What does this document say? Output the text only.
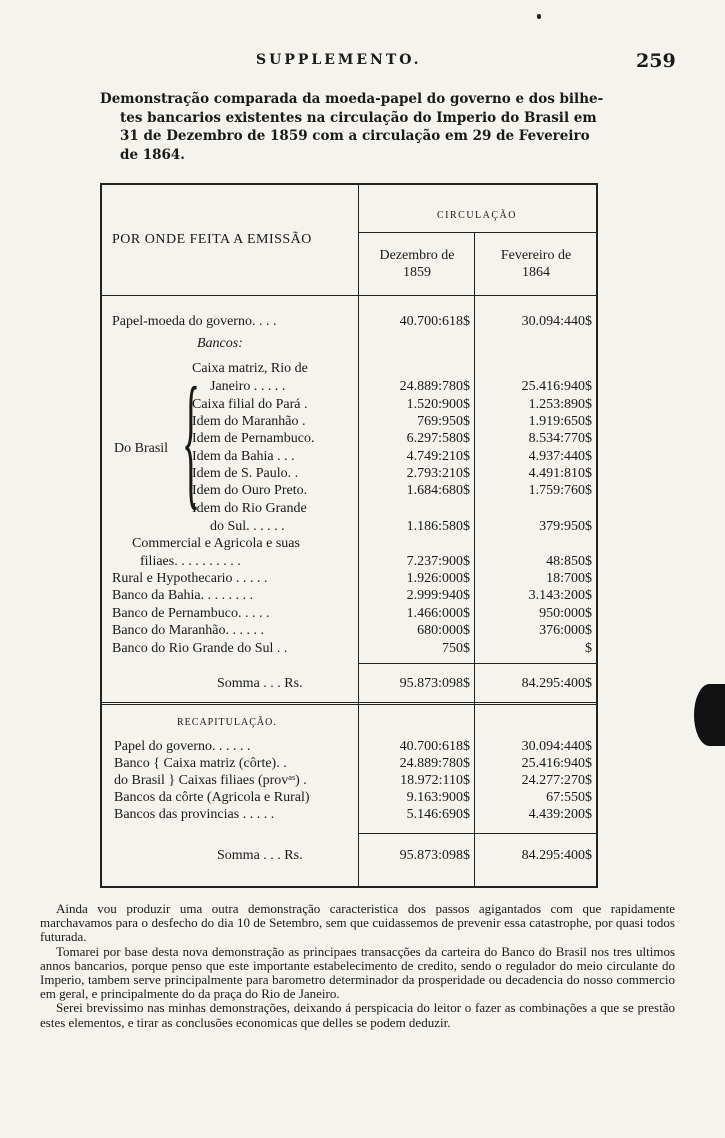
SUPPLEMENTO.	259
Demonstração comparada da moeda-papel do governo e dos bilhe-
tes bancarios existentes na circulação do Imperio do Brasil em
31 de Dezembro de 1859 com a circulação em 29 de Fevereiro
de 1864.
POR ONDE FEITA A EMISSÃO
CIRCULAÇÃO
Dezembro de
1859
Fevereiro de
1864
Papel-moeda do governo. . . .	40.700:618$	30.094:440$
Bancos:
Caixa matriz, Rio de
Janeiro . . . . .	24.889:780$	25.416:940$
Caixa filial do Pará .	1.520:900$	1.253:890$
Idem do Maranhão .	769:950$	1.919:650$
Idem de Pernambuco.	6.297:580$	8.534:770$
Idem da Bahia . . .	4.749:210$	4.937:440$
Idem de S. Paulo. .	2.793:210$	4.491:810$
Idem do Ouro Preto.	1.684:680$	1.759:760$
Idem do Rio Grande
do Sul. . . . . .	1.186:580$	379:950$
Commercial e Agricola e suas
filiaes. . . . . . . . . .	7.237:900$	48:850$
Rural e Hypothecario . . . . .	1.926:000$	18:700$
Banco da Bahia. . . . . . . .	2.999:940$	3.143:200$
Banco de Pernambuco. . . . .	1.466:000$	950:000$
Banco do Maranhão. . . . . .	680:000$	376:000$
Banco do Rio Grande do Sul . .	750$	$
Do Brasil {
Somma . . . Rs.	95.873:098$	84.295:400$
RECAPITULAÇÃO.
Papel do governo. . . . . .	40.700:618$	30.094:440$
Banco { Caixa matriz (côrte). .	24.889:780$	25.416:940$
do Brasil } Caixas filiaes (provᵃˢ) .	18.972:110$	24.277:270$
Bancos da côrte (Agricola e Rural)	9.163:900$	67:550$
Bancos das provincias . . . . .	5.146:690$	4.439:200$
Somma . . . Rs.	95.873:098$	84.295:400$

Ainda vou produzir uma outra demonstração caracteristica dos passos agigantados com que rapidamente marchavamos para o desfecho do dia 10 de Setembro, sem que cuidassemos de prevenir essa catastrophe, por quasi todos futurada.

Tomarei por base desta nova demonstração as principaes transacções da carteira do Banco do Brasil nos tres ultimos annos bancarios, porque penso que este importante estabelecimento de credito, sendo o regulador do meio circulante do Imperio, tambem serve principalmente para barometro determinador da prosperidade ou decadencia do nosso commercio em geral, e principalmente do da praça do Rio de Janeiro.

Serei brevissimo nas minhas demonstrações, deixando á perspicacia do leitor o fazer as combinações a que se prestão estes elementos, e tirar as conclusões economicas que delles se podem deduzir.
